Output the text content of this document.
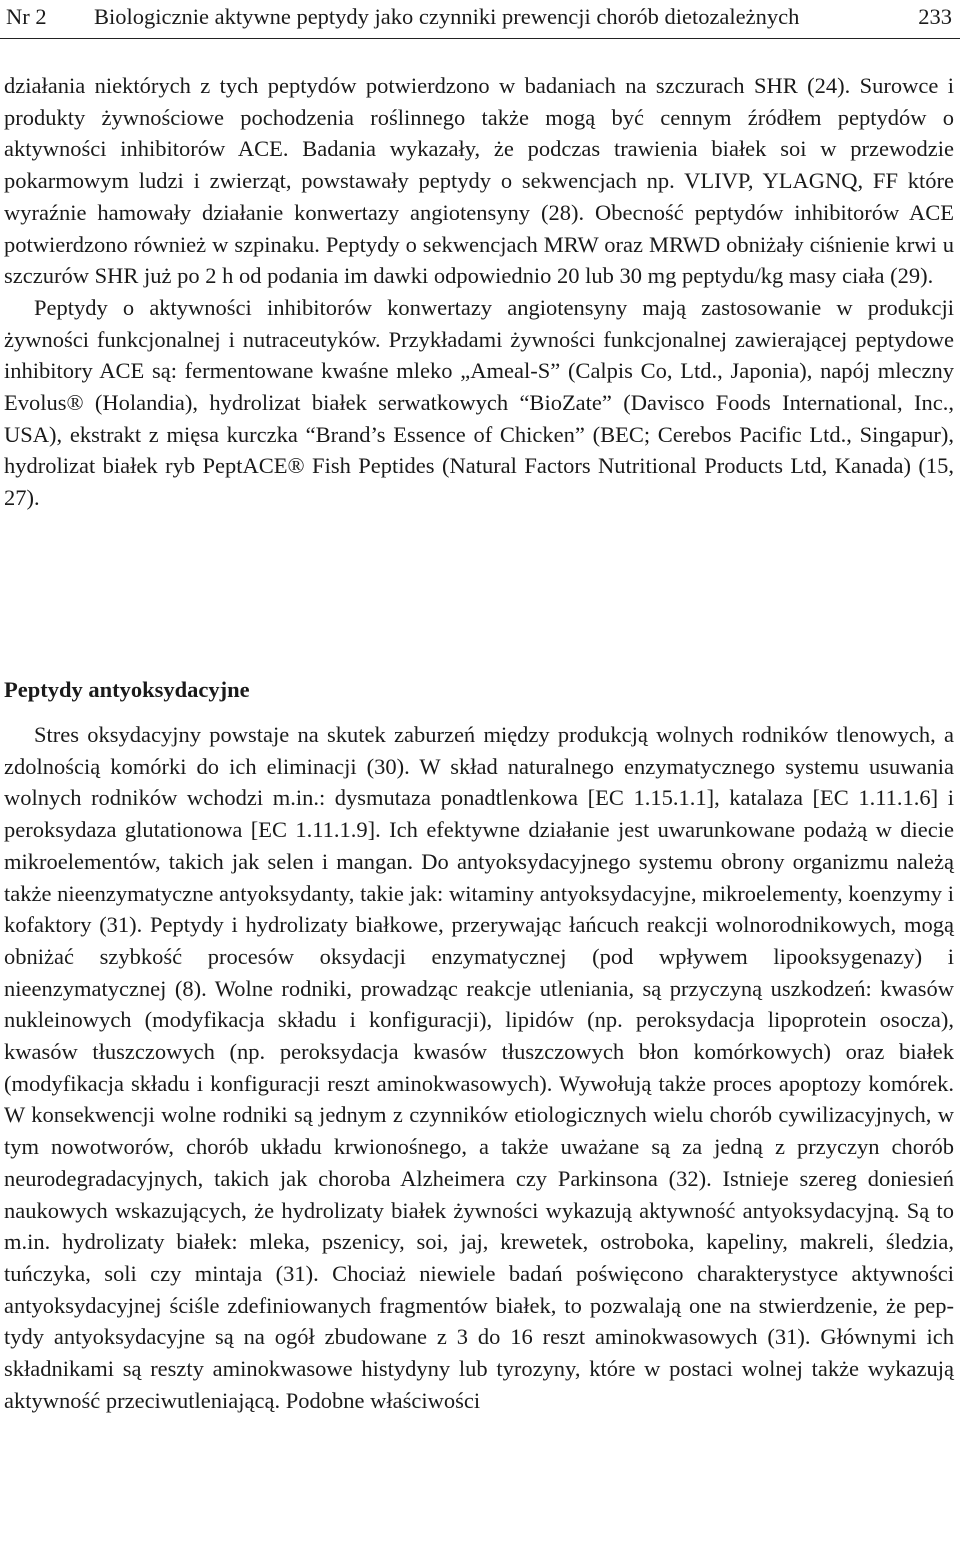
Nr 2	Biologicznie aktywne peptydy jako czynniki prewencji chorób dietozależnych	233

działania niektórych z tych peptydów potwierdzono w badaniach na szczurach SHR (24). Surowce i produkty żywnościowe pochodzenia roślinnego także mogą być cennym źródłem peptydów o aktywności inhibitorów ACE. Badania wykazały, że podczas trawienia białek soi w przewodzie pokarmowym ludzi i zwierząt, powstawały peptydy o sekwencjach np. VLIVP, YLAGNQ, FF które wyraźnie hamowały działanie konwertazy angiotensyny (28). Obecność peptydów inhibitorów ACE potwierdzono również w szpinaku. Peptydy o sekwencjach MRW oraz MRWD obniżały ciśnienie krwi u szczurów SHR już po 2 h od podania im dawki odpowiednio 20 lub 30 mg peptydu/kg masy ciała (29).

Peptydy o aktywności inhibitorów konwertazy angiotensyny mają zastosowanie w produkcji żywności funkcjonalnej i nutraceutyków. Przykładami żywności funkcjonalnej zawierającej peptydowe inhibitory ACE są: fermentowane kwaśne mleko „Ameal-S” (Calpis Co, Ltd., Japonia), napój mleczny Evolus® (Holandia), hydrolizat białek serwatkowych “BioZate” (Davisco Foods International, Inc., USA), ekstrakt z mięsa kurczka “Brand’s Essence of Chicken” (BEC; Cerebos Pacific Ltd., Singapur), hydrolizat białek ryb PeptACE® Fish Peptides (Natural Factors Nutritional Products Ltd, Kanada) (15, 27).

Peptydy antyoksydacyjne

Stres oksydacyjny powstaje na skutek zaburzeń między produkcją wolnych rodników tlenowych, a zdolnością komórki do ich eliminacji (30). W skład naturalnego enzymatycznego systemu usuwania wolnych rodników wchodzi m.in.: dysmutaza ponadtlenkowa [EC 1.15.1.1], katalaza [EC 1.11.1.6] i peroksydaza glutationowa [EC 1.11.1.9]. Ich efektywne działanie jest uwarunkowane podażą w diecie mikroelementów, takich jak selen i mangan. Do antyoksydacyjnego systemu obrony organizmu należą także nieenzymatyczne antyoksydanty, takie jak: witaminy antyoksydacyjne, mikroelementy, koenzymy i kofaktory (31). Peptydy i hydrolizaty białkowe, przerywając łańcuch reakcji wolnorodnikowych, mogą obniżać szybkość procesów oksydacji enzymatycznej (pod wpływem lipooksygenazy) i nieenzymatycznej (8). Wolne rodniki, prowadząc reakcje utleniania, są przyczyną uszkodzeń: kwasów nukleinowych (modyfikacja składu i konfiguracji), lipidów (np. peroksydacja lipoprotein osocza), kwasów tłuszczowych (np. peroksydacja kwasów tłuszczowych błon komórkowych) oraz białek (modyfikacja składu i konfiguracji reszt aminokwasowych). Wywołują także proces apoptozy komórek. W konsekwencji wolne rodniki są jednym z czynników etiologicznych wielu chorób cywilizacyjnych, w tym nowotworów, chorób układu krwionośnego, a także uważane są za jedną z przyczyn chorób neurodegradacyjnych, takich jak choroba Alzheimera czy Parkinsona (32). Istnieje szereg doniesień naukowych wskazujących, że hydrolizaty białek żywności wykazują aktywność antyoksydacyjną. Są to m.in. hydrolizaty białek: mleka, pszenicy, soi, jaj, krewetek, ostroboka, kapeliny, makreli, śledzia, tuńczyka, soli czy mintaja (31). Chociaż niewiele badań poświęcono charakterystyce aktywności antyoksydacyjnej ściśle zdefiniowanych fragmentów białek, to pozwalają one na stwierdzenie, że peptydy antyoksydacyjne są na ogół zbudowane z 3 do 16 reszt aminokwasowych (31). Głównymi ich składnikami są reszty aminokwasowe histydyny lub tyrozyny, które w postaci wolnej także wykazują aktywność przeciwutleniającą. Podobne właściwości
